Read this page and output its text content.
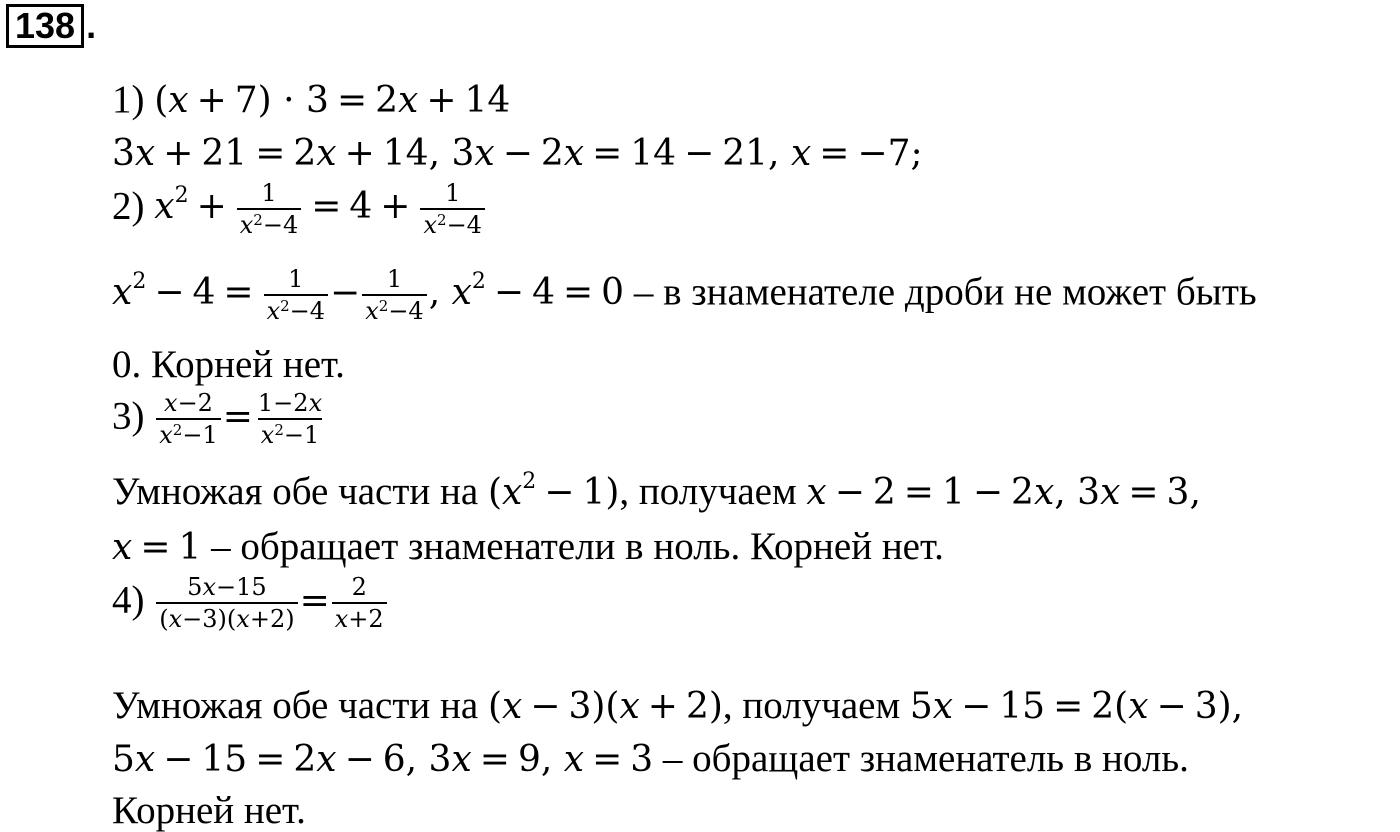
138 .
1) (x + 7) · 3 = 2x + 14
3x + 21 = 2x + 14, 3x − 2x = 14 − 21, x = −7;
2) $x^2 + \frac{1}{x^2-4} = 4 + \frac{1}{x^2-4}$
$x^2 - 4 = \frac{1}{x^2-4} - \frac{1}{x^2-4}$ , $x^2 - 4 = 0 - в$ знаменателе дроби не может быть
0. Корней нет.
$3) \frac{x-2}{x^2-1} = \frac{1-2x}{x^2-1}$
Умножая обе части на $(x^2 - 1)$, получаем x − 2 = 1 − 2x, 3x = 3,
x = 1 – обращает знаменатели в ноль. Корней нет.
$4) \frac{5x-15}{(x-3)(x+2)} = \frac{2}{x+2}$
Умножая обе части на (x − 3)(x + 2), получаем 5x − 15 = 2(x − 3),
5x − 15 = 2x − 6, 3x = 9, x = 3 – обращает знаменатель в ноль.
Корней нет.
